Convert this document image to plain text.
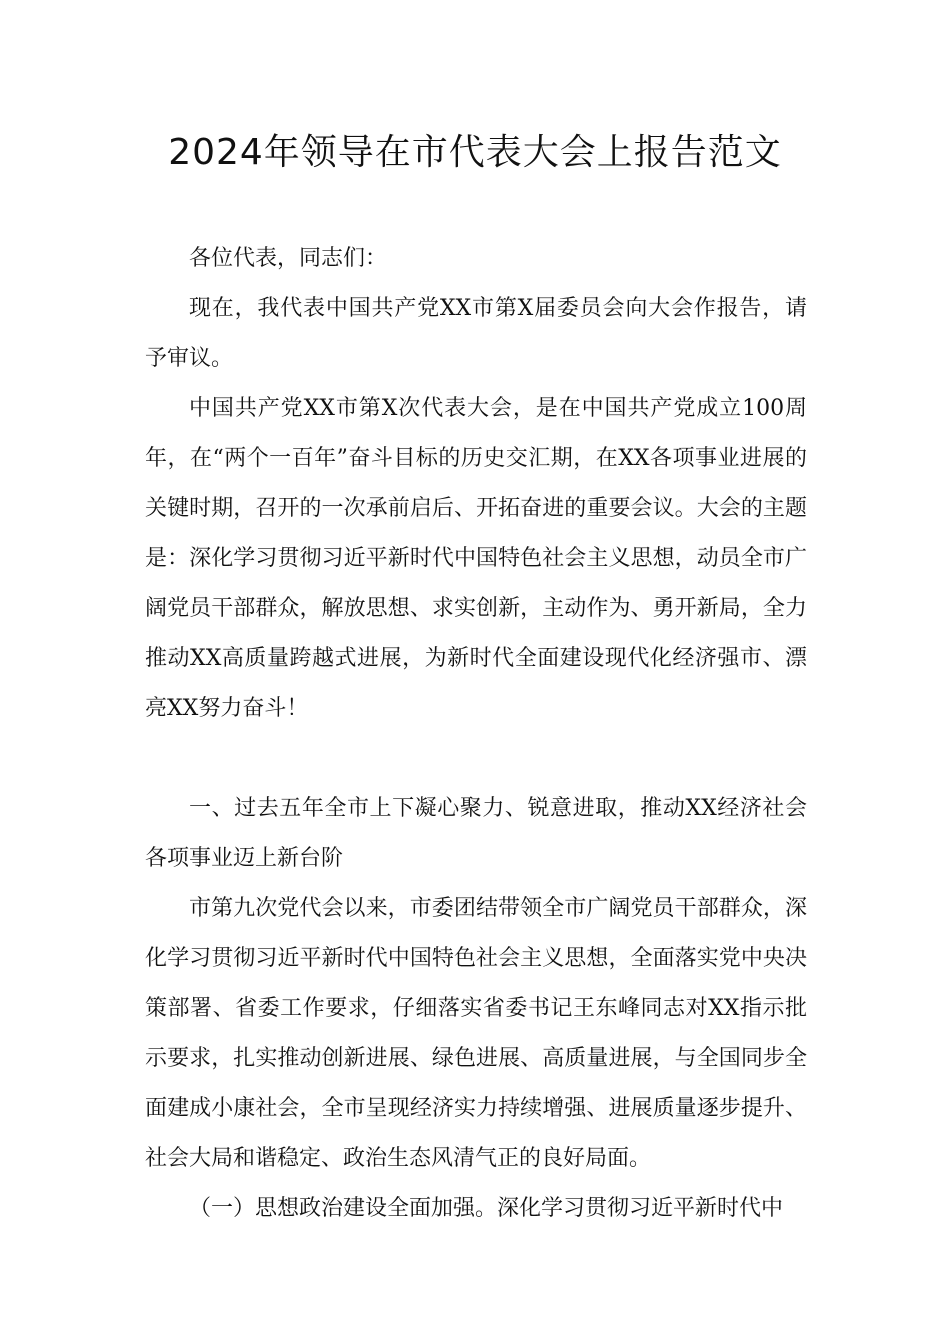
2024年领导在市代表大会上报告范文

各位代表，同志们：

现在，我代表中国共产党XX市第X届委员会向大会作报告，请予审议。

中国共产党XX市第X次代表大会，是在中国共产党成立100周年，在“两个一百年”奋斗目标的历史交汇期，在XX各项事业进展的关键时期，召开的一次承前启后、开拓奋进的重要会议。大会的主题是：深化学习贯彻习近平新时代中国特色社会主义思想，动员全市广阔党员干部群众，解放思想、求实创新，主动作为、勇开新局，全力推动XX高质量跨越式进展，为新时代全面建设现代化经济强市、漂亮XX努力奋斗！

一、过去五年全市上下凝心聚力、锐意进取，推动XX经济社会各项事业迈上新台阶

市第九次党代会以来，市委团结带领全市广阔党员干部群众，深化学习贯彻习近平新时代中国特色社会主义思想，全面落实党中央决策部署、省委工作要求，仔细落实省委书记王东峰同志对XX指示批示要求，扎实推动创新进展、绿色进展、高质量进展，与全国同步全面建成小康社会，全市呈现经济实力持续增强、进展质量逐步提升、社会大局和谐稳定、政治生态风清气正的良好局面。

（一）思想政治建设全面加强。深化学习贯彻习近平新时代中
